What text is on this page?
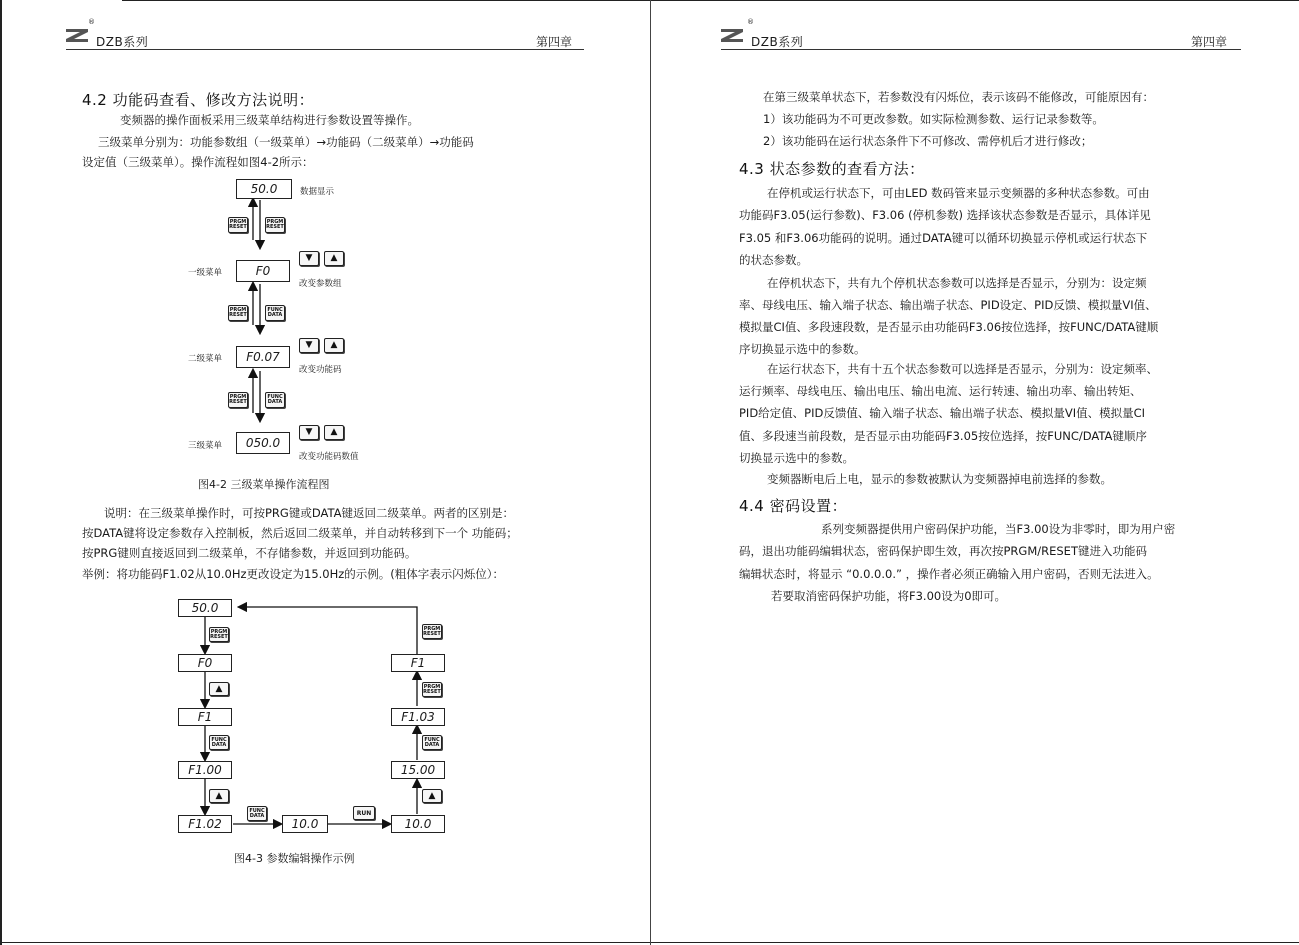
®
DZB系列	第四章
4.2 功能码查看、修改方法说明：
变频器的操作面板采用三级菜单结构进行参数设置等操作。
三级菜单分别为：功能参数组（一级菜单）→功能码（二级菜单）→功能码
设定值（三级菜单）。操作流程如图4-2所示：
50.0	数据显示
PRGM
RESET
PRGM
RESET
一级菜单	F0
▼ ▲
改变参数组
PRGM
RESET
FUNC
DATA
二级菜单	F0.07
▼ ▲
改变功能码
PRGM
RESET
FUNC
DATA
三级菜单	050.0
▼ ▲
改变功能码数值
图4-2 三级菜单操作流程图
说明：在三级菜单操作时，可按PRG键或DATA键返回二级菜单。两者的区别是：
按DATA键将设定参数存入控制板，然后返回二级菜单，并自动转移到下一个 功能码；
按PRG键则直接返回到二级菜单，不存储参数，并返回到功能码。
举例：将功能码F1.02从10.0Hz更改设定为15.0Hz的示例。(粗体字表示闪烁位）：
50.0
PRGM
RESET
F0
▲
F1
FUNC
DATA
F1.00
▲
F1.02
FUNC
DATA
10.0
RUN
10.0
▲
15.00
FUNC
DATA
F1.03
PRGM
RESET
F1
PRGM
RESET
图4-3 参数编辑操作示例
®
DZB系列	第四章
在第三级菜单状态下，若参数没有闪烁位，表示该码不能修改，可能原因有：
1）该功能码为不可更改参数。如实际检测参数、运行记录参数等。
2）该功能码在运行状态条件下不可修改、需停机后才进行修改；
4.3 状态参数的查看方法：
在停机或运行状态下，可由LED 数码管来显示变频器的多种状态参数。可由
功能码F3.05(运行参数)、F3.06 (停机参数) 选择该状态参数是否显示，具体详见
F3.05 和F3.06功能码的说明。通过DATA键可以循环切换显示停机或运行状态下
的状态参数。
在停机状态下，共有九个停机状态参数可以选择是否显示，分别为：设定频
率、母线电压、输入端子状态、输出端子状态、PID设定、PID反馈、模拟量VI值、
模拟量CI值、多段速段数，是否显示由功能码F3.06按位选择，按FUNC/DATA键顺
序切换显示选中的参数。
在运行状态下，共有十五个状态参数可以选择是否显示，分别为：设定频率、
运行频率、母线电压、输出电压、输出电流、运行转速、输出功率、输出转矩、
PID给定值、PID反馈值、输入端子状态、输出端子状态、模拟量VI值、模拟量CI
值、多段速当前段数，是否显示由功能码F3.05按位选择，按FUNC/DATA键顺序
切换显示选中的参数。
变频器断电后上电，显示的参数被默认为变频器掉电前选择的参数。
4.4 密码设置：
系列变频器提供用户密码保护功能，当F3.00设为非零时，即为用户密
码，退出功能码编辑状态，密码保护即生效，再次按PRGM/RESET键进入功能码
编辑状态时，将显示 “0.0.0.0.” ，操作者必须正确输入用户密码，否则无法进入。
若要取消密码保护功能，将F3.00设为0即可。
